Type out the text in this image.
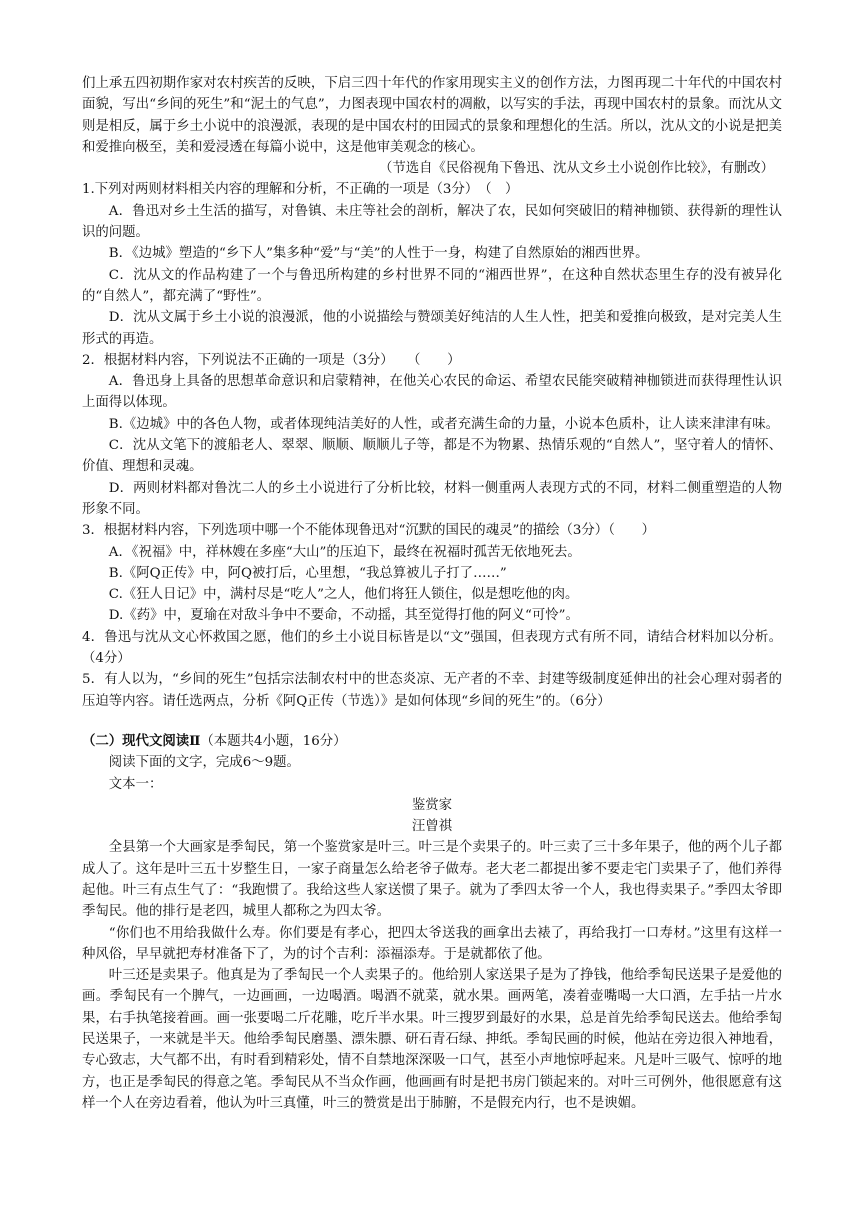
们上承五四初期作家对农村疾苦的反映，下启三四十年代的作家用现实主义的创作方法，力图再现二十年代的中国农村面貌，写出“乡间的死生”和“泥土的气息”，力图表现中国农村的凋敝，以写实的手法，再现中国农村的景象。而沈从文则是相反，属于乡土小说中的浪漫派，表现的是中国农村的田园式的景象和理想化的生活。所以，沈从文的小说是把美和爱推向极至，美和爱浸透在每篇小说中，这是他审美观念的核心。

（节选自《民俗视角下鲁迅、沈从文乡土小说创作比较》，有删改）

1.下列对两则材料相关内容的理解和分析，不正确的一项是（3分）　（　）

A．鲁迅对乡土生活的描写，对鲁镇、未庄等社会的剖析，解决了农，民如何突破旧的精神枷锁、获得新的理性认识的问题。

B．《边城》塑造的“乡下人”集多种“爱”与“美”的人性于一身，构建了自然原始的湘西世界。

C．沈从文的作品构建了一个与鲁迅所构建的乡村世界不同的“湘西世界”，在这种自然状态里生存的没有被异化的“自然人”，都充满了“野性”。

D．沈从文属于乡土小说的浪漫派，他的小说描绘与赞颂美好纯洁的人生人性，把美和爱推向极致，是对完美人生形式的再造。

2．根据材料内容，下列说法不正确的一项是（3分）　　（　　）

A．鲁迅身上具备的思想革命意识和启蒙精神，在他关心农民的命运、希望农民能突破精神枷锁进而获得理性认识上面得以体现。

B.《边城》中的各色人物，或者体现纯洁美好的人性，或者充满生命的力量，小说本色质朴，让人读来津津有味。

C．沈从文笔下的渡船老人、翠翠、顺顺、顺顺儿子等，都是不为物累、热情乐观的“自然人”，坚守着人的情怀、价值、理想和灵魂。

D．两则材料都对鲁沈二人的乡土小说进行了分析比较，材料一侧重两人表现方式的不同，材料二侧重塑造的人物形象不同。

3．根据材料内容，下列选项中哪一个不能体现鲁迅对“沉默的国民的魂灵”的描绘（3分）（　　）

A．《祝福》中，祥林嫂在多座“大山”的压迫下，最终在祝福时孤苦无依地死去。

B.《阿Q正传》中，阿Q被打后，心里想，“我总算被儿子打了……”

C.《狂人日记》中，满村尽是“吃人”之人，他们将狂人锁住，似是想吃他的肉。

D.《药》中，夏瑜在对敌斗争中不要命，不动摇，其至觉得打他的阿义“可怜”。

4．鲁迅与沈从文心怀救国之愿，他们的乡土小说目标皆是以“文”强国，但表现方式有所不同，请结合材料加以分析。（4分）

5．有人以为，“乡间的死生”包括宗法制农村中的世态炎凉、无产者的不幸、封建等级制度延伸出的社会心理对弱者的压迫等内容。请任选两点，分析《阿Q正传（节选）》是如何体现“乡间的死生”的。（6分）

（二）现代文阅读Ⅱ（本题共4小题，16分）

阅读下面的文字，完成6～9题。

文本一：

鉴赏家

汪曾祺

全县第一个大画家是季匋民，第一个鉴赏家是叶三。叶三是个卖果子的。叶三卖了三十多年果子，他的两个儿子都成人了。这年是叶三五十岁整生日，一家子商量怎么给老爷子做寿。老大老二都提出爹不要走宅门卖果子了，他们养得起他。叶三有点生气了：“我跑惯了。我给这些人家送惯了果子。就为了季四太爷一个人，我也得卖果子。”季四太爷即季匋民。他的排行是老四，城里人都称之为四太爷。

“你们也不用给我做什么寿。你们要是有孝心，把四太爷送我的画拿出去裱了，再给我打一口寿材。”这里有这样一种风俗，早早就把寿材准备下了，为的讨个吉利：添福添寿。于是就都依了他。

叶三还是卖果子。他真是为了季匋民一个人卖果子的。他给别人家送果子是为了挣钱，他给季匋民送果子是爱他的画。季匋民有一个脾气，一边画画，一边喝酒。喝酒不就菜，就水果。画两笔，凑着壶嘴喝一大口酒，左手拈一片水果，右手执笔接着画。画一张要喝二斤花雕，吃斤半水果。叶三搜罗到最好的水果，总是首先给季匋民送去。他给季匋民送果子，一来就是半天。他给季匋民磨墨、漂朱膘、研石青石绿、抻纸。季匋民画的时候，他站在旁边很入神地看，专心致志，大气都不出，有时看到精彩处，情不自禁地深深吸一口气，甚至小声地惊呼起来。凡是叶三吸气、惊呼的地方，也正是季匋民的得意之笔。季匋民从不当众作画，他画画有时是把书房门锁起来的。对叶三可例外，他很愿意有这样一个人在旁边看着，他认为叶三真懂，叶三的赞赏是出于肺腑，不是假充内行，也不是谀媚。
